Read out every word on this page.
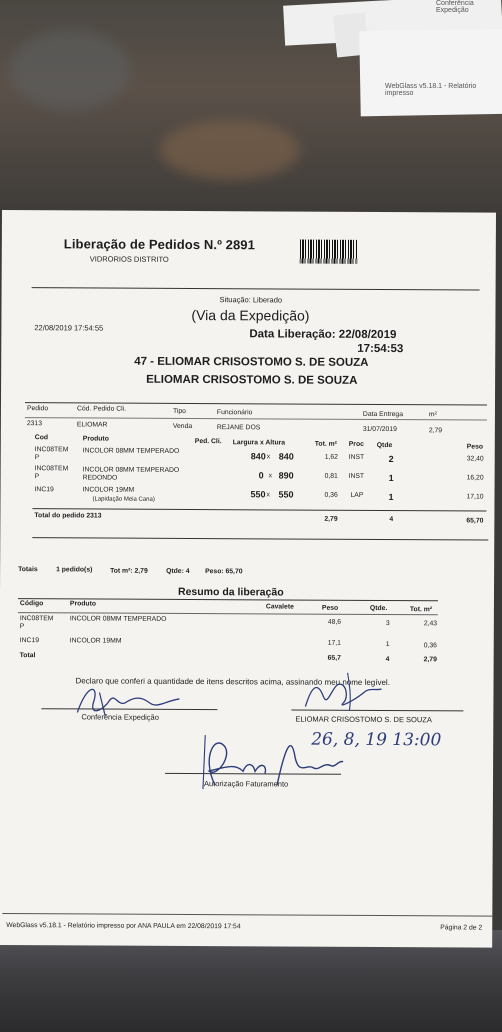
Conferência Expedição
WebGlass v5.18.1 - Relatório impresso
Liberação de Pedidos N.º 2891
VIDRORIOS DISTRITO
Situação: Liberado
(Via da Expedição)
22/08/2019 17:54:55
Data Liberação: 22/08/2019
17:54:53
47 - ELIOMAR CRISOSTOMO S. DE SOUZA
ELIOMAR CRISOSTOMO S. DE SOUZA
Pedido	Cód. Pedido Cli.	Tipo	Funcionário	Data Entrega	m²
2313	ELIOMAR	Venda	REJANE DOS	31/07/2019	2,79
Cod	Produto	Ped. Cli. Largura x Altura	Tot. m² Proc Qtde	Peso
INC08TEM
P
INCOLOR 08MM TEMPERADO
840 x 840	1,62 INST	2	32,40
INC08TEM
P
INCOLOR 08MM TEMPERADO
REDONDO	0 x 890	0,81 INST	1	16,20
INC19	INCOLOR 19MM
(Lapidação Meia Cana)
550 x 550	0,36 LAP	1	17,10
Total do pedido 2313	2,79	4	65,70
Totais	1 pedido(s)	Tot m²: 2,79	Qtde: 4 Peso: 65,70
Resumo da liberação
Código	Produto	Cavalete	Peso	Qtde.	Tot. m²
INC08TEM
P
INCOLOR 08MM TEMPERADO	48,6	3	2,43
INC19	INCOLOR 19MM	17,1	1	0,36
Total	65,7	4	2,79
Declaro que conferi a quantidade de itens descritos acima, assinando meu nome legível.
Conferência Expedição	ELIOMAR CRISOSTOMO S. DE SOUZA
Autorização Faturamento
26, 8, 19 13:00
WebGlass v5.18.1 - Relatório impresso por ANA PAULA em 22/08/2019 17:54	Página 2 de 2
